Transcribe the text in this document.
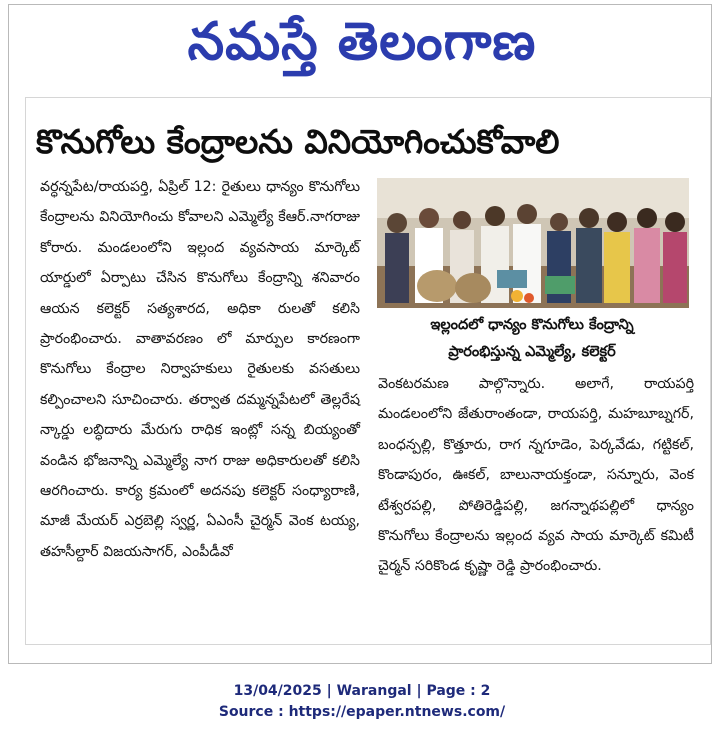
నమస్తే తెలంగాణ
కొనుగోలు కేంద్రాలను వినియోగించుకోవాలి
వర్ధన్నపేట/రాయపర్తి, ఏప్రిల్ 12: రైతులు ధాన్యం కొనుగోలు కేంద్రాలను వినియోగించు కోవాలని ఎమ్మెల్యే కేఆర్.నాగరాజు కోరారు. మండలంలోని ఇల్లంద వ్యవసాయ మార్కెట్ యార్డులో ఏర్పాటు చేసిన కొనుగోలు కేంద్రాన్ని శనివారం ఆయన కలెక్టర్ సత్యశారద, అధికా రులతో కలిసి ప్రారంభించారు. వాతావరణం లో మార్పుల కారణంగా కొనుగోలు కేంద్రాల నిర్వాహకులు రైతులకు వసతులు కల్పించాలని సూచించారు. తర్వాత దమ్మన్నపేటలో తెల్లరేష న్కార్డు లబ్ధిదారు మేరుగు రాధిక ఇంట్లో సన్న బియ్యంతో వండిన భోజనాన్ని ఎమ్మెల్యే నాగ రాజు అధికారులతో కలిసి ఆరగించారు. కార్య క్రమంలో అదనపు కలెక్టర్ సంధ్యారాణి, మాజీ మేయర్ ఎర్రబెల్లి స్వర్ణ, ఏఎంసీ చైర్మన్ వెంక టయ్య, తహసీల్దార్ విజయసాగర్, ఎంపీడీవో
ఇల్లందలో ధాన్యం కొనుగోలు కేంద్రాన్ని
ప్రారంభిస్తున్న ఎమ్మెల్యే, కలెక్టర్
వెంకటరమణ పాల్గొన్నారు. అలాగే, రాయపర్తి మండలంలోని జేతురాంతండా, రాయపర్తి, మహబూబ్నగర్, బంధన్పల్లి, కొత్తూరు, రాగ న్నగూడెం, పెర్కవేడు, గట్టికల్, కొండాపురం, ఊకల్, బాలునాయక్తండా, సన్నూరు, వెంక టేశ్వరపల్లి, పోతిరెడ్డిపల్లి, జగన్నాథపల్లిలో ధాన్యం కొనుగోలు కేంద్రాలను ఇల్లంద వ్యవ సాయ మార్కెట్ కమిటీ చైర్మన్ సరికొండ కృష్ణా రెడ్డి ప్రారంభించారు.
13/04/2025 | Warangal | Page : 2
Source : https://epaper.ntnews.com/
